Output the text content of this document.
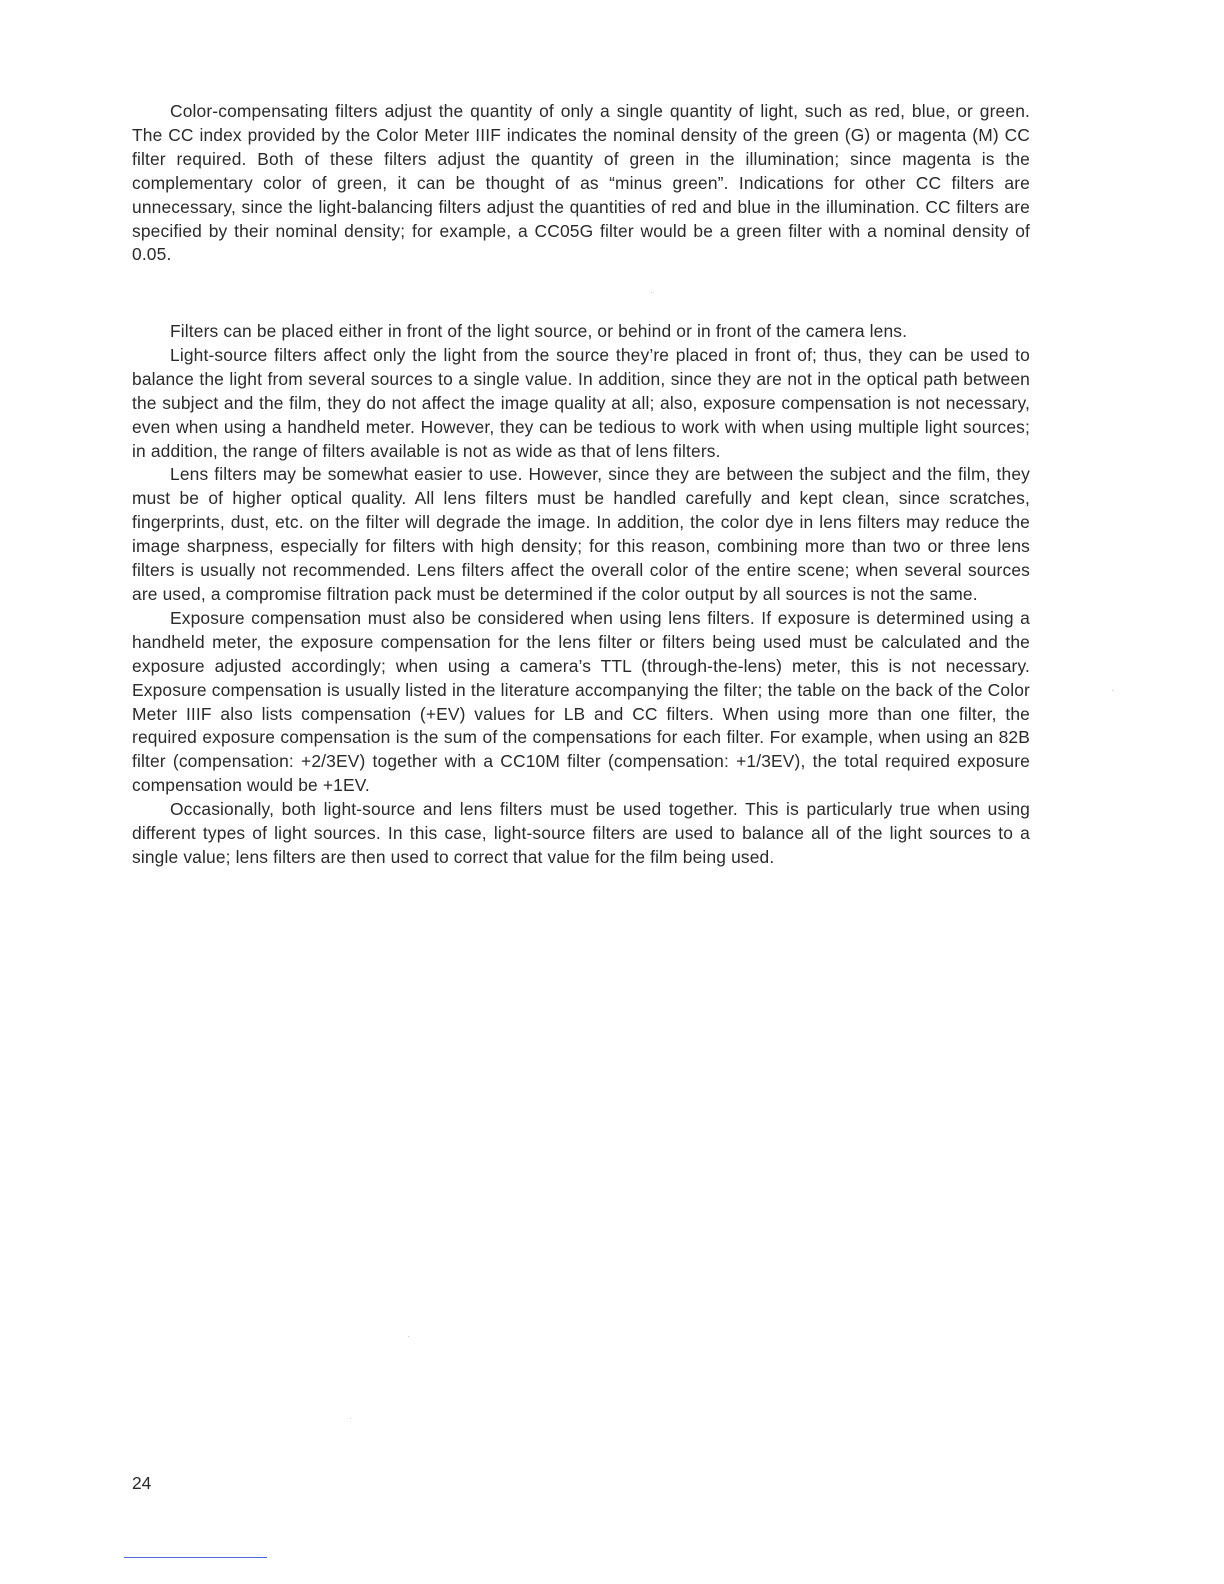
Color-compensating filters adjust the quantity of only a single quantity of light, such as red, blue, or green. The CC index provided by the Color Meter IIIF indicates the nominal density of the green (G) or magenta (M) CC filter required. Both of these filters adjust the quantity of green in the illumination; since magenta is the complementary color of green, it can be thought of as “minus green”. Indications for other CC filters are unnecessary, since the light-balancing filters adjust the quantities of red and blue in the illumination. CC filters are specified by their nominal density; for example, a CC05G filter would be a green filter with a nominal density of 0.05.

Filters can be placed either in front of the light source, or behind or in front of the camera lens.

Light-source filters affect only the light from the source they’re placed in front of; thus, they can be used to balance the light from several sources to a single value. In addition, since they are not in the optical path between the subject and the film, they do not affect the image quality at all; also, exposure compensation is not necessary, even when using a handheld meter. However, they can be tedious to work with when using multiple light sources; in addition, the range of filters available is not as wide as that of lens filters.

Lens filters may be somewhat easier to use. However, since they are between the subject and the film, they must be of higher optical quality. All lens filters must be handled carefully and kept clean, since scratches, fingerprints, dust, etc. on the filter will degrade the image. In addition, the color dye in lens filters may reduce the image sharpness, especially for filters with high density; for this reason, combining more than two or three lens filters is usually not recommended. Lens filters affect the overall color of the entire scene; when several sources are used, a compromise filtration pack must be determined if the color output by all sources is not the same.

Exposure compensation must also be considered when using lens filters. If exposure is determined using a handheld meter, the exposure compensation for the lens filter or filters being used must be calculated and the exposure adjusted accordingly; when using a camera’s TTL (through-the-lens) meter, this is not necessary. Exposure compensation is usually listed in the literature accompanying the filter; the table on the back of the Color Meter IIIF also lists compensation (+EV) values for LB and CC filters. When using more than one filter, the required exposure compensation is the sum of the compensations for each filter. For example, when using an 82B filter (compensation: +2/3EV) together with a CC10M filter (compensation: +1/3EV), the total required exposure compensation would be +1EV.

Occasionally, both light-source and lens filters must be used together. This is particularly true when using different types of light sources. In this case, light-source filters are used to balance all of the light sources to a single value; lens filters are then used to correct that value for the film being used.

24
